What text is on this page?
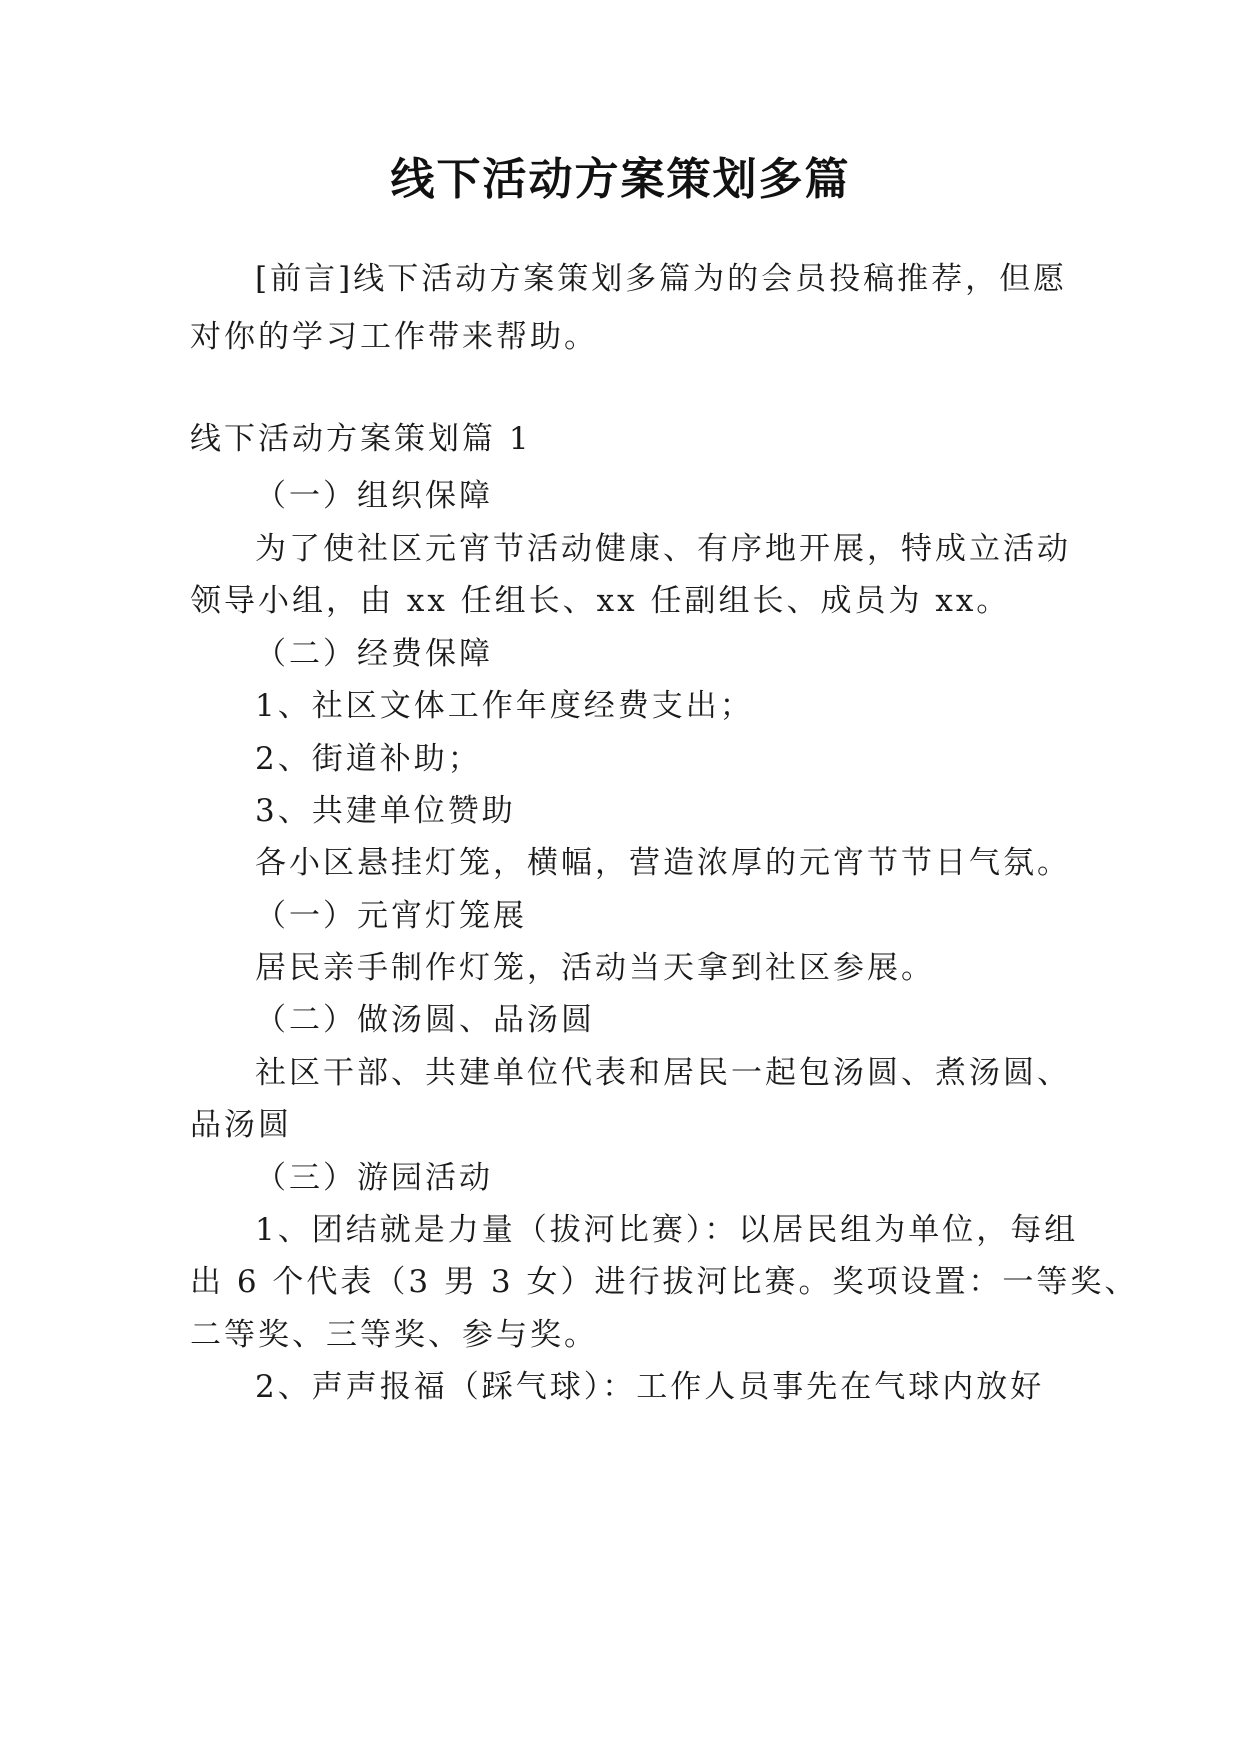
线下活动方案策划多篇
[前言]线下活动方案策划多篇为的会员投稿推荐，但愿
对你的学习工作带来帮助。
线下活动方案策划篇 1
（一）组织保障
为了使社区元宵节活动健康、有序地开展，特成立活动
领导小组，由 xx 任组长、xx 任副组长、成员为 xx。
（二）经费保障
1、社区文体工作年度经费支出；
2、街道补助；
3、共建单位赞助
各小区悬挂灯笼，横幅，营造浓厚的元宵节节日气氛。
（一）元宵灯笼展
居民亲手制作灯笼，活动当天拿到社区参展。
（二）做汤圆、品汤圆
社区干部、共建单位代表和居民一起包汤圆、煮汤圆、
品汤圆
（三）游园活动
1、团结就是力量（拔河比赛）：以居民组为单位，每组
出 6 个代表（3 男 3 女）进行拔河比赛。奖项设置：一等奖、
二等奖、三等奖、参与奖。
2、声声报福（踩气球）：工作人员事先在气球内放好
